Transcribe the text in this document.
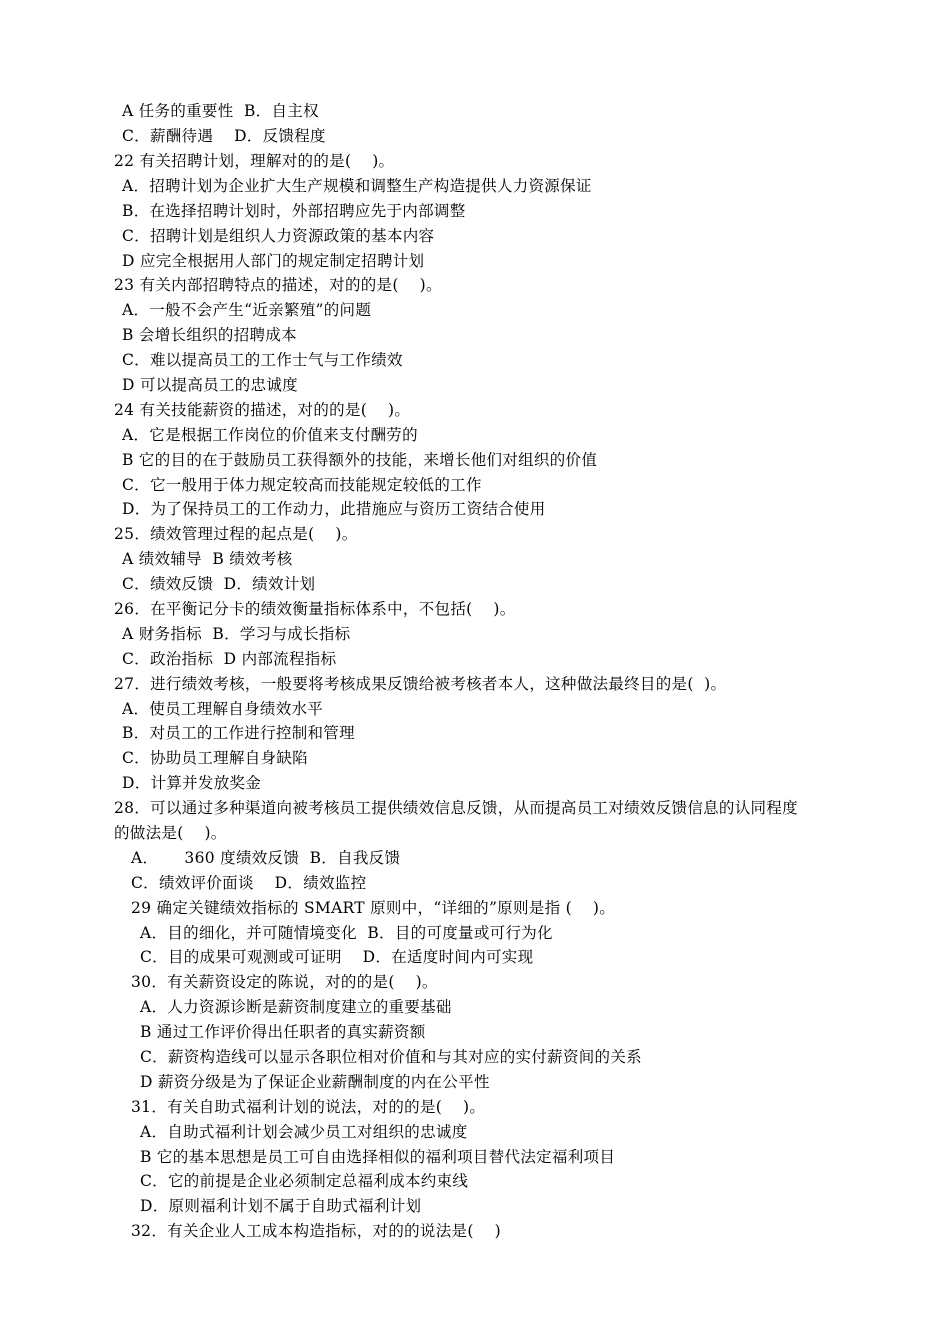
A 任务的重要性  B．自主权
C．薪酬待遇    D．反馈程度
22 有关招聘计划，理解对的的是(    )。
A．招聘计划为企业扩大生产规模和调整生产构造提供人力资源保证
B．在选择招聘计划时，外部招聘应先于内部调整
C．招聘计划是组织人力资源政策的基本内容
D 应完全根据用人部门的规定制定招聘计划
23 有关内部招聘特点的描述，对的的是(    )。
A．一般不会产生“近亲繁殖”的问题
B 会增长组织的招聘成本
C．难以提高员工的工作士气与工作绩效
D 可以提高员工的忠诚度
24 有关技能薪资的描述，对的的是(    )。
A．它是根据工作岗位的价值来支付酬劳的
B 它的目的在于鼓励员工获得额外的技能，来增长他们对组织的价值
C．它一般用于体力规定较高而技能规定较低的工作
D．为了保持员工的工作动力，此措施应与资历工资结合使用
25．绩效管理过程的起点是(    )。
A 绩效辅导  B 绩效考核
C．绩效反馈  D．绩效计划
26．在平衡记分卡的绩效衡量指标体系中，不包括(    )。
A 财务指标  B．学习与成长指标
C．政治指标  D 内部流程指标
27．进行绩效考核，一般要将考核成果反馈给被考核者本人，这种做法最终目的是(  )。
A．使员工理解自身绩效水平
B．对员工的工作进行控制和管理
C．协助员工理解自身缺陷
D．计算并发放奖金
28．可以通过多种渠道向被考核员工提供绩效信息反馈，从而提高员工对绩效反馈信息的认同程度
的做法是(    )。
A．     360 度绩效反馈  B．自我反馈
C．绩效评价面谈    D．绩效监控
29 确定关键绩效指标的 SMART 原则中，“详细的”原则是指 (    )。
A．目的细化，并可随情境变化  B．目的可度量或可行为化
C．目的成果可观测或可证明    D．在适度时间内可实现
30．有关薪资设定的陈说，对的的是(    )。
A．人力资源诊断是薪资制度建立的重要基础
B 通过工作评价得出任职者的真实薪资额
C．薪资构造线可以显示各职位相对价值和与其对应的实付薪资间的关系
D 薪资分级是为了保证企业薪酬制度的内在公平性
31．有关自助式福利计划的说法，对的的是(    )。
A．自助式福利计划会减少员工对组织的忠诚度
B 它的基本思想是员工可自由选择相似的福利项目替代法定福利项目
C．它的前提是企业必须制定总福利成本约束线
D．原则福利计划不属于自助式福利计划
32．有关企业人工成本构造指标，对的的说法是(    )
